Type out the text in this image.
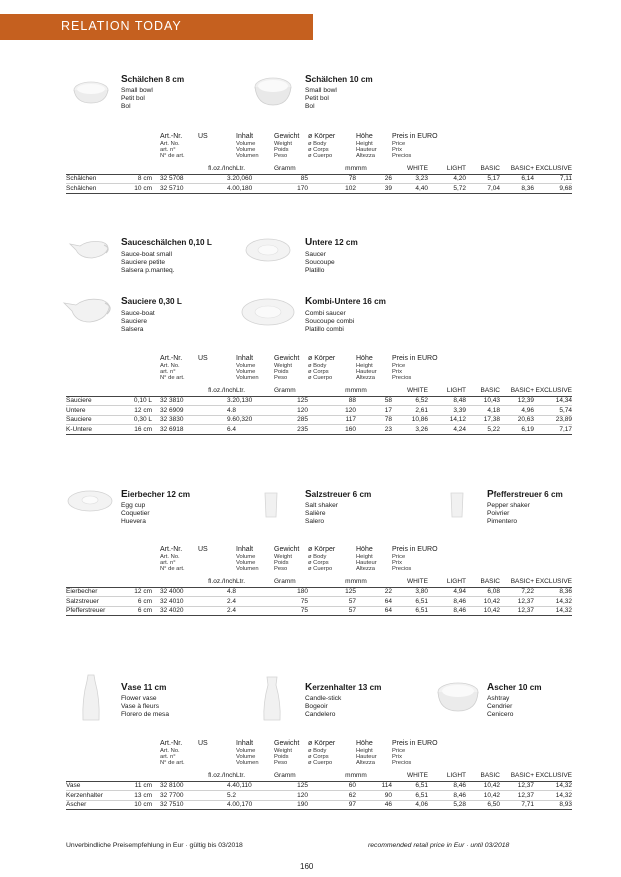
RELATION TODAY
Schälchen 8 cm
Small bowl
Petit bol
Bol
Schälchen 10 cm
Small bowl
Petit bol
Bol
		Art.-Nr.
Art. No.
art. n°
N° de art.	US	Inhalt
Volume
Volume
Volumen	Gewicht
Weight
Poids
Peso	ø Körper
ø Body
ø Corps
ø Cuerpo	Höhe
Height
Hauteur
Altezza	Preis in EURO
Price
Prix
Precios				

			fl.oz./Inch	Ltr.	Gramm	mm	mm	WHITE	LIGHT	BASIC	BASIC+	EXCLUSIVE
Schälchen	8 cm	32 5708	3.2	0,060	85	78	26	3,23	4,20	5,17	6,14	7,11
Schälchen	10 cm	32 5710	4.0	0,180	170	102	39	4,40	5,72	7,04	8,36	9,68
Sauceschälchen 0,10 L
Sauce-boat small
Sauciere petite
Salsera p.manteq.
Untere 12 cm
Saucer
Soucoupe
Platillo
Sauciere 0,30 L
Sauce-boat
Sauciere
Salsera
Kombi-Untere 16 cm
Combi saucer
Soucoupe combi
Platillo combi
		Art.-Nr.
Art. No.
art. n°
N° de art.	US	Inhalt
Volume
Volume
Volumen	Gewicht
Weight
Poids
Peso	ø Körper
ø Body
ø Corps
ø Cuerpo	Höhe
Height
Hauteur
Altezza	Preis in EURO
Price
Prix
Precios				

			fl.oz./Inch	Ltr.	Gramm	mm	mm	WHITE	LIGHT	BASIC	BASIC+	EXCLUSIVE
Sauciere	0,10 L	32 3810	3.2	0,130	125	88	58	6,52	8,48	10,43	12,39	14,34
Untere	12 cm	32 6909	4.8		120	120	17	2,61	3,39	4,18	4,96	5,74
Sauciere	0,30 L	32 3830	9.6	0,320	285	117	78	10,86	14,12	17,38	20,63	23,89
K-Untere	16 cm	32 6918	6.4		235	160	23	3,26	4,24	5,22	6,19	7,17
Eierbecher 12 cm
Egg cup
Coquetier
Huevera
Salzstreuer 6 cm
Salt shaker
Salière
Salero
Pfefferstreuer 6 cm
Pepper shaker
Poivrier
Pimentero
		Art.-Nr.
Art. No.
art. n°
N° de art.	US	Inhalt
Volume
Volume
Volumen	Gewicht
Weight
Poids
Peso	ø Körper
ø Body
ø Corps
ø Cuerpo	Höhe
Height
Hauteur
Altezza	Preis in EURO
Price
Prix
Precios				

			fl.oz./Inch	Ltr.	Gramm	mm	mm	WHITE	LIGHT	BASIC	BASIC+	EXCLUSIVE
Eierbecher	12 cm	32 4000	4.8		180	125	22	3,80	4,94	6,08	7,22	8,36
Salzstreuer	6 cm	32 4010	2.4		75	57	64	6,51	8,46	10,42	12,37	14,32
Pfefferstreuer	6 cm	32 4020	2.4		75	57	64	6,51	8,46	10,42	12,37	14,32
Vase 11 cm
Flower vase
Vase à fleurs
Florero de mesa
Kerzenhalter 13 cm
Candle-stick
Bogeoir
Candelero
Ascher 10 cm
Ashtray
Cendrier
Cenicero
		Art.-Nr.
Art. No.
art. n°
N° de art.	US	Inhalt
Volume
Volume
Volumen	Gewicht
Weight
Poids
Peso	ø Körper
ø Body
ø Corps
ø Cuerpo	Höhe
Height
Hauteur
Altezza	Preis in EURO
Price
Prix
Precios				

			fl.oz./Inch	Ltr.	Gramm	mm	mm	WHITE	LIGHT	BASIC	BASIC+	EXCLUSIVE
Vase	11 cm	32 8100	4.4	0,110	125	60	114	6,51	8,46	10,42	12,37	14,32
Kerzenhalter	13 cm	32 7700	5.2		120	62	90	6,51	8,46	10,42	12,37	14,32
Ascher	10 cm	32 7510	4.0	0,170	190	97	46	4,06	5,28	6,50	7,71	8,93
Unverbindliche Preisempfehlung in Eur · gültig bis 03/2018	recommended retail price in Eur · until 03/2018
160
